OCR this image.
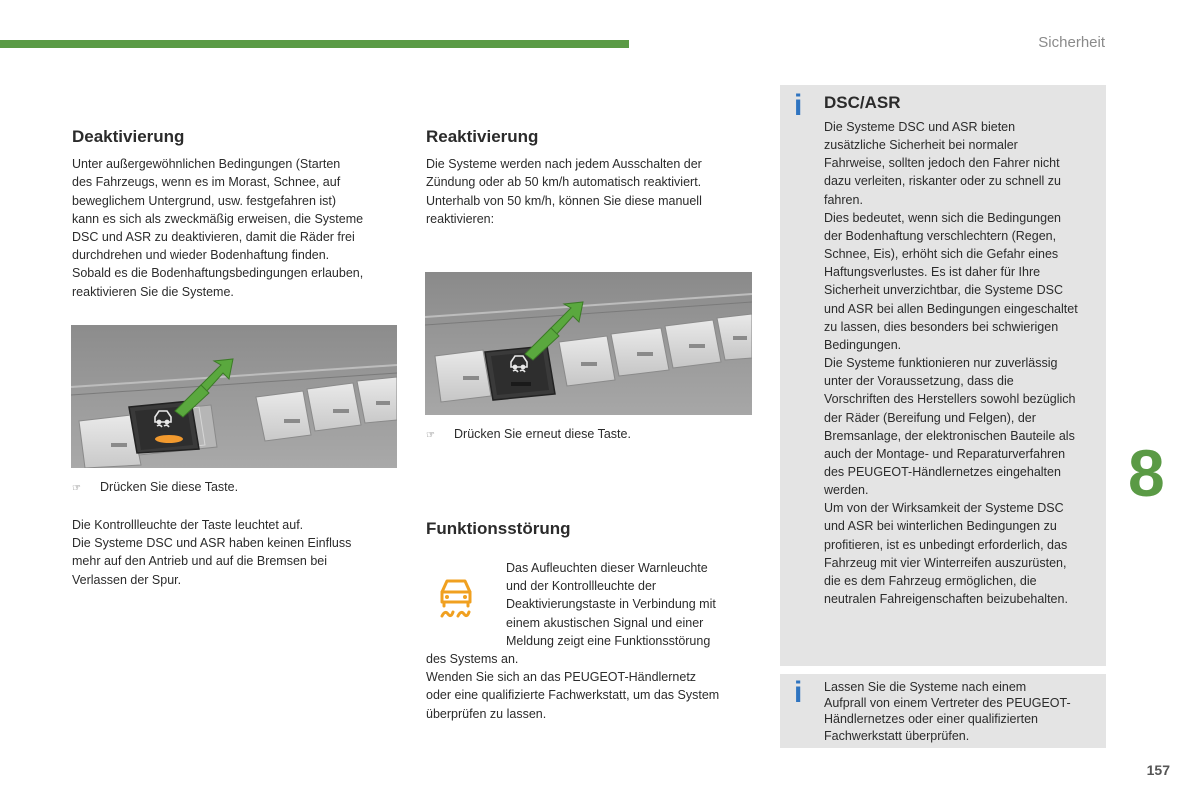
Sicherheit
Deaktivierung

Unter außergewöhnlichen Bedingungen (Starten
des Fahrzeugs, wenn es im Morast, Schnee, auf
beweglichem Untergrund, usw. festgefahren ist)
kann es sich als zweckmäßig erweisen, die Systeme
DSC und ASR zu deaktivieren, damit die Räder frei
durchdrehen und wieder Bodenhaftung finden.
Sobald es die Bodenhaftungsbedingungen erlauben,
reaktivieren Sie die Systeme.

☞ Drücken Sie diese Taste.

Die Kontrollleuchte der Taste leuchtet auf.
Die Systeme DSC und ASR haben keinen Einfluss
mehr auf den Antrieb und auf die Bremsen bei
Verlassen der Spur.

Reaktivierung

Die Systeme werden nach jedem Ausschalten der
Zündung oder ab 50 km/h automatisch reaktiviert.
Unterhalb von 50 km/h, können Sie diese manuell
reaktivieren:

☞ Drücken Sie erneut diese Taste.
Funktionsstörung

Das Aufleuchten dieser Warnleuchte
und der Kontrollleuchte der
Deaktivierungstaste in Verbindung mit
einem akustischen Signal und einer
Meldung zeigt eine Funktionsstörung

des Systems an.
Wenden Sie sich an das PEUGEOT-Händlernetz
oder eine qualifizierte Fachwerkstatt, um das System
überprüfen zu lassen.

i DSC/ASR
Die Systeme DSC und ASR bieten
zusätzliche Sicherheit bei normaler
Fahrweise, sollten jedoch den Fahrer nicht
dazu verleiten, riskanter oder zu schnell zu
fahren.
Dies bedeutet, wenn sich die Bedingungen
der Bodenhaftung verschlechtern (Regen,
Schnee, Eis), erhöht sich die Gefahr eines
Haftungsverlustes. Es ist daher für Ihre
Sicherheit unverzichtbar, die Systeme DSC
und ASR bei allen Bedingungen eingeschaltet
zu lassen, dies besonders bei schwierigen
Bedingungen.
Die Systeme funktionieren nur zuverlässig
unter der Voraussetzung, dass die
Vorschriften des Herstellers sowohl bezüglich
der Räder (Bereifung und Felgen), der
Bremsanlage, der elektronischen Bauteile als
auch der Montage- und Reparaturverfahren
des PEUGEOT-Händlernetzes eingehalten
werden.
Um von der Wirksamkeit der Systeme DSC
und ASR bei winterlichen Bedingungen zu
profitieren, ist es unbedingt erforderlich, das
Fahrzeug mit vier Winterreifen auszurüsten,
die es dem Fahrzeug ermöglichen, die
neutralen Fahreigenschaften beizubehalten.
i Lassen Sie die Systeme nach einem
Aufprall von einem Vertreter des PEUGEOT-
Händlernetzes oder einer qualifizierten
Fachwerkstatt überprüfen.
8
157
